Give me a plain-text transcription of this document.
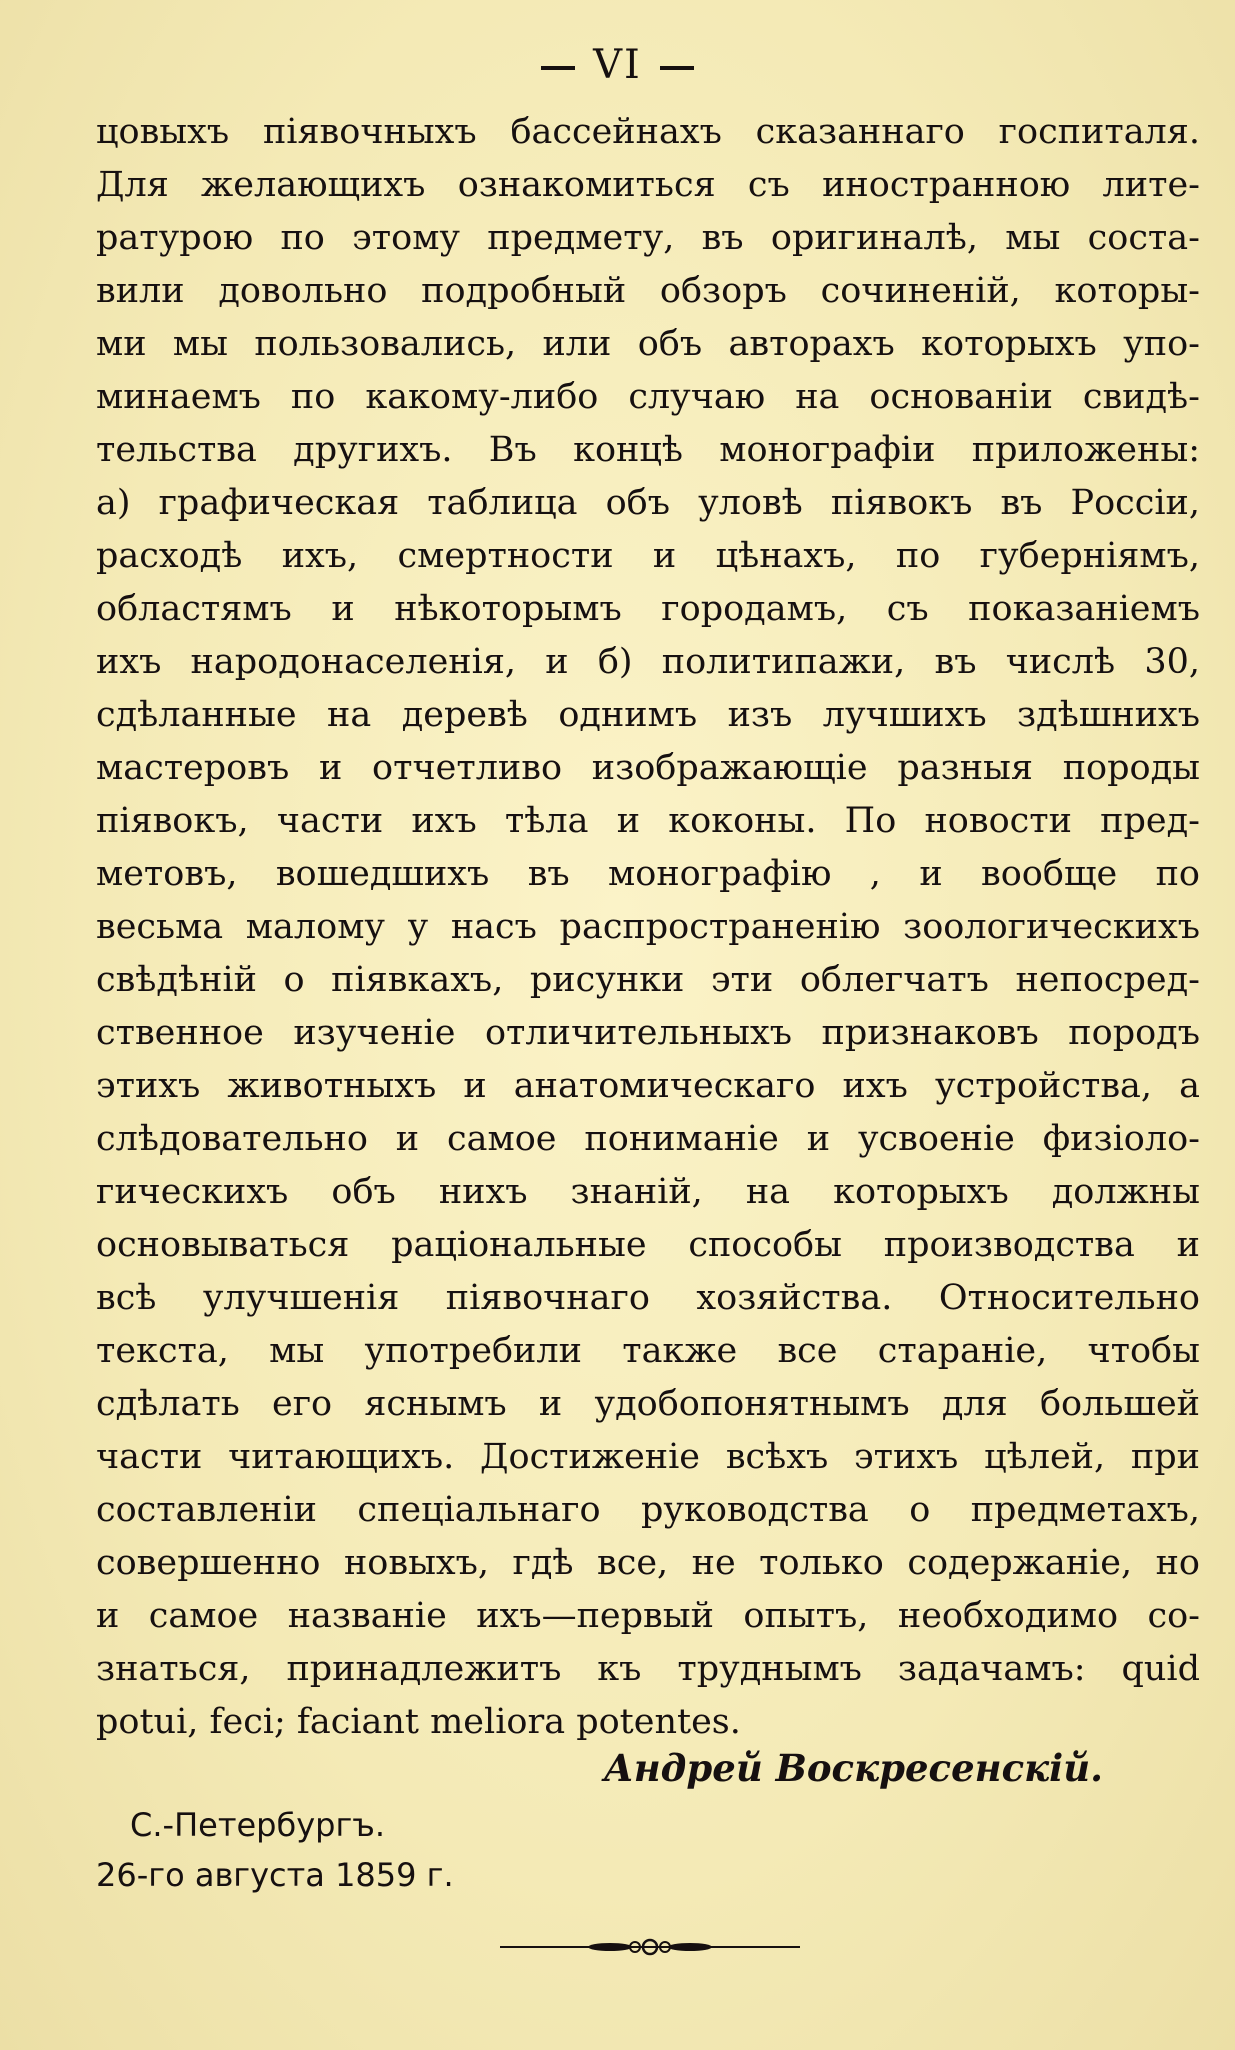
VI
цовыхъ піявочныхъ бассейнахъ сказаннаго госпиталя.
Для желающихъ ознакомиться съ иностранною лите-
ратурою по этому предмету, въ оригиналѣ, мы соста-
вили довольно подробный обзоръ сочиненій, которы-
ми мы пользовались, или объ авторахъ которыхъ упо-
минаемъ по какому-либо случаю на основаніи свидѣ-
тельства другихъ. Въ концѣ монографіи приложены:
а) графическая таблица объ уловѣ піявокъ въ Россіи,
расходѣ ихъ, смертности и цѣнахъ, по губерніямъ,
областямъ и нѣкоторымъ городамъ, съ показаніемъ
ихъ народонаселенія, и б) политипажи, въ числѣ 30,
сдѣланные на деревѣ однимъ изъ лучшихъ здѣшнихъ
мастеровъ и отчетливо изображающіе разныя породы
піявокъ, части ихъ тѣла и коконы. По новости пред-
метовъ, вошедшихъ въ монографію , и вообще по
весьма малому у насъ распространенію зоологическихъ
свѣдѣній о піявкахъ, рисунки эти облегчатъ непосред-
ственное изученіе отличительныхъ признаковъ породъ
этихъ животныхъ и анатомическаго ихъ устройства, а
слѣдовательно и самое пониманіе и усвоеніе физіоло-
гическихъ объ нихъ знаній, на которыхъ должны
основываться раціональные способы производства и
всѣ улучшенія піявочнаго хозяйства. Относительно
текста, мы употребили также все стараніе, чтобы
сдѣлать его яснымъ и удобопонятнымъ для большей
части читающихъ. Достиженіе всѣхъ этихъ цѣлей, при
составленіи спеціальнаго руководства о предметахъ,
совершенно новыхъ, гдѣ все, не только содержаніе, но
и самое названіе ихъ—первый опытъ, необходимо со-
знаться, принадлежитъ къ труднымъ задачамъ: quid
potui, feci; faciant meliora potentes.
Андрей Воскресенскій.
С.-Петербургъ.
26-го августа 1859 г.
